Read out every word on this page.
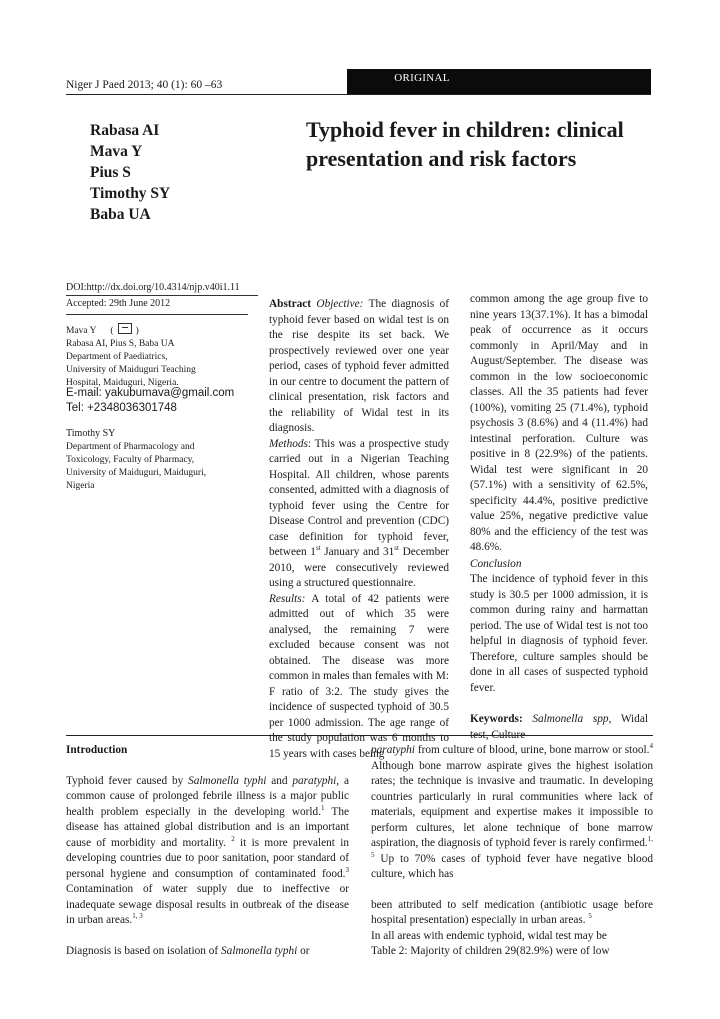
Niger J Paed 2013; 40 (1): 60 –63
ORIGINAL
Rabasa AI
Mava Y
Pius S
Timothy SY
Baba UA
Typhoid fever in children: clinical presentation and risk factors
DOI:http://dx.doi.org/10.4314/njp.v40i1.11
Accepted: 29th June 2012
Mava Y ( )
Rabasa AI, Pius S, Baba UA
Department of Paediatrics,
University of Maiduguri Teaching
Hospital, Maiduguri, Nigeria.
E-mail: yakubumava@gmail.com
Tel: +2348036301748
Timothy SY
Department of Pharmacology and
Toxicology, Faculty of Pharmacy,
University of Maiduguri, Maiduguri,
Nigeria

Abstract Objective: The diagnosis of typhoid fever based on widal test is on the rise despite its set back. We prospectively reviewed over one year period, cases of typhoid fever admitted in our centre to document the pattern of clinical presentation, risk factors and the reliability of Widal test in its diagnosis.

Methods: This was a prospective study carried out in a Nigerian Teaching Hospital. All children, whose parents consented, admitted with a diagnosis of typhoid fever using the Centre for Disease Control and prevention (CDC) case definition for typhoid fever, between 1st January and 31st December 2010, were consecutively reviewed using a structured questionnaire.

Results: A total of 42 patients were admitted out of which 35 were analysed, the remaining 7 were excluded because consent was not obtained. The disease was more common in males than females with M: F ratio of 3:2. The study gives the incidence of suspected typhoid of 30.5 per 1000 admission. The age range of the study population was 6 months to 15 years with cases being

common among the age group five to nine years 13(37.1%). It has a bimodal peak of occurrence as it occurs commonly in April/May and in August/September. The disease was common in the low socioeconomic classes. All the 35 patients had fever (100%), vomiting 25 (71.4%), typhoid psychosis 3 (8.6%) and 4 (11.4%) had intestinal perforation. Culture was positive in 8 (22.9%) of the patients. Widal test were significant in 20 (57.1%) with a sensitivity of 62.5%, specificity 44.4%, positive predictive value 25%, negative predictive value 80% and the efficiency of the test was 48.6%.

Conclusion

The incidence of typhoid fever in this study is 30.5 per 1000 admission, it is common during rainy and harmattan period. The use of Widal test is not too helpful in diagnosis of typhoid fever. Therefore, culture samples should be done in all cases of suspected typhoid fever.

Keywords: Salmonella spp, Widal test, Culture

Introduction

Typhoid fever caused by Salmonella typhi and paratyphi, a common cause of prolonged febrile illness is a major public health problem especially in the developing world.$^1$ The disease has attained global distribution and is an important cause of morbidity and mortality. $^2$ it is more prevalent in developing countries due to poor sanitation, poor standard of personal hygiene and consumption of contaminated food.$^3$ Contamination of water supply due to ineffective or inadequate sewage disposal results in outbreak of the disease in urban areas.$^{1, 3}$

Diagnosis is based on isolation of Salmonella typhi or

paratyphi from culture of blood, urine, bone marrow or stool.$^4$ Although bone marrow aspirate gives the highest isolation rates; the technique is invasive and traumatic. In developing countries particularly in rural communities where lack of materials, equipment and expertise makes it impossible to perform cultures, let alone technique of bone marrow aspiration, the diagnosis of typhoid fever is rarely confirmed.$^{1, 5}$ Up to 70% cases of typhoid fever have negative blood culture, which has

been attributed to self medication (antibiotic usage before hospital presentation) especially in urban areas. $^5$

In all areas with endemic typhoid, widal test may be

Table 2: Majority of children 29(82.9%) were of low
